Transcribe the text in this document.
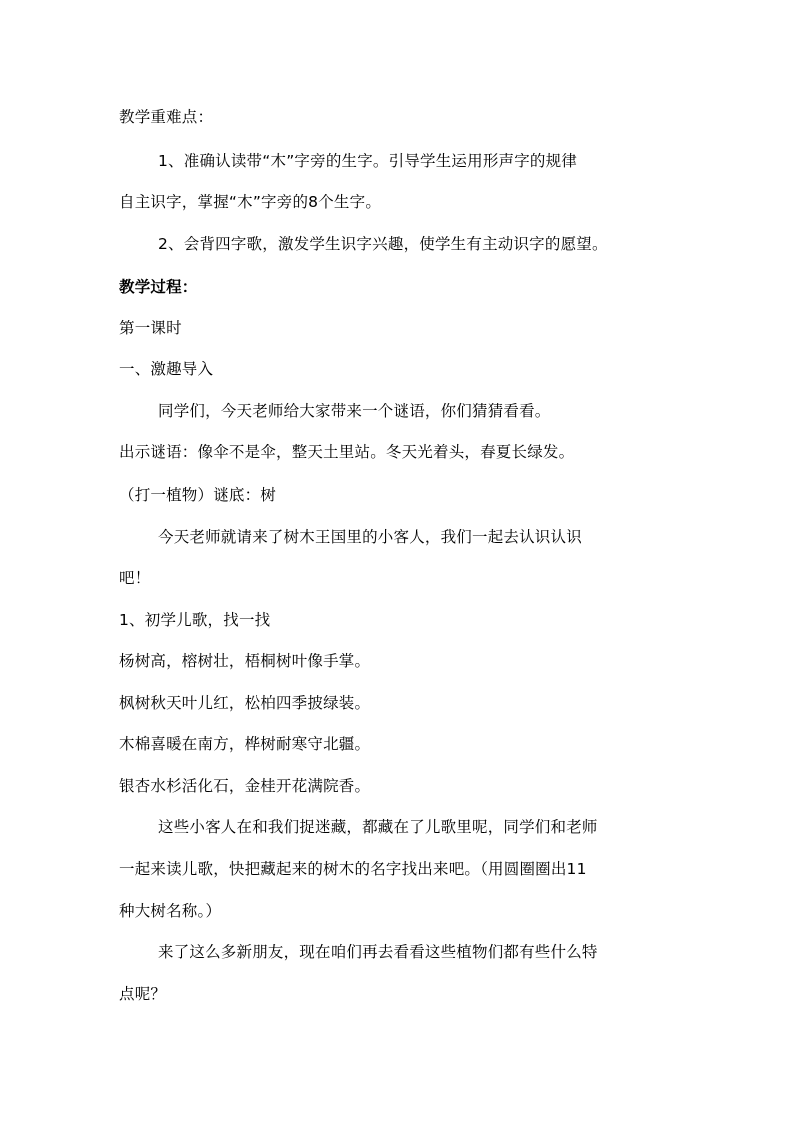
教学重难点：
1、准确认读带“木”字旁的生字。引导学生运用形声字的规律
自主识字，掌握“木”字旁的8个生字。
2、会背四字歌，激发学生识字兴趣，使学生有主动识字的愿望。
教学过程：
第一课时
一、激趣导入
同学们，今天老师给大家带来一个谜语，你们猜猜看看。
出示谜语：像伞不是伞，整天土里站。冬天光着头，春夏长绿发。
（打一植物）谜底：树
今天老师就请来了树木王国里的小客人，我们一起去认识认识
吧！
1、初学儿歌，找一找
杨树高，榕树壮，梧桐树叶像手掌。
枫树秋天叶儿红，松柏四季披绿装。
木棉喜暖在南方，桦树耐寒守北疆。
银杏水杉活化石，金桂开花满院香。
这些小客人在和我们捉迷藏，都藏在了儿歌里呢，同学们和老师
一起来读儿歌，快把藏起来的树木的名字找出来吧。（用圆圈圈出11
种大树名称。）
来了这么多新朋友，现在咱们再去看看这些植物们都有些什么特
点呢？
